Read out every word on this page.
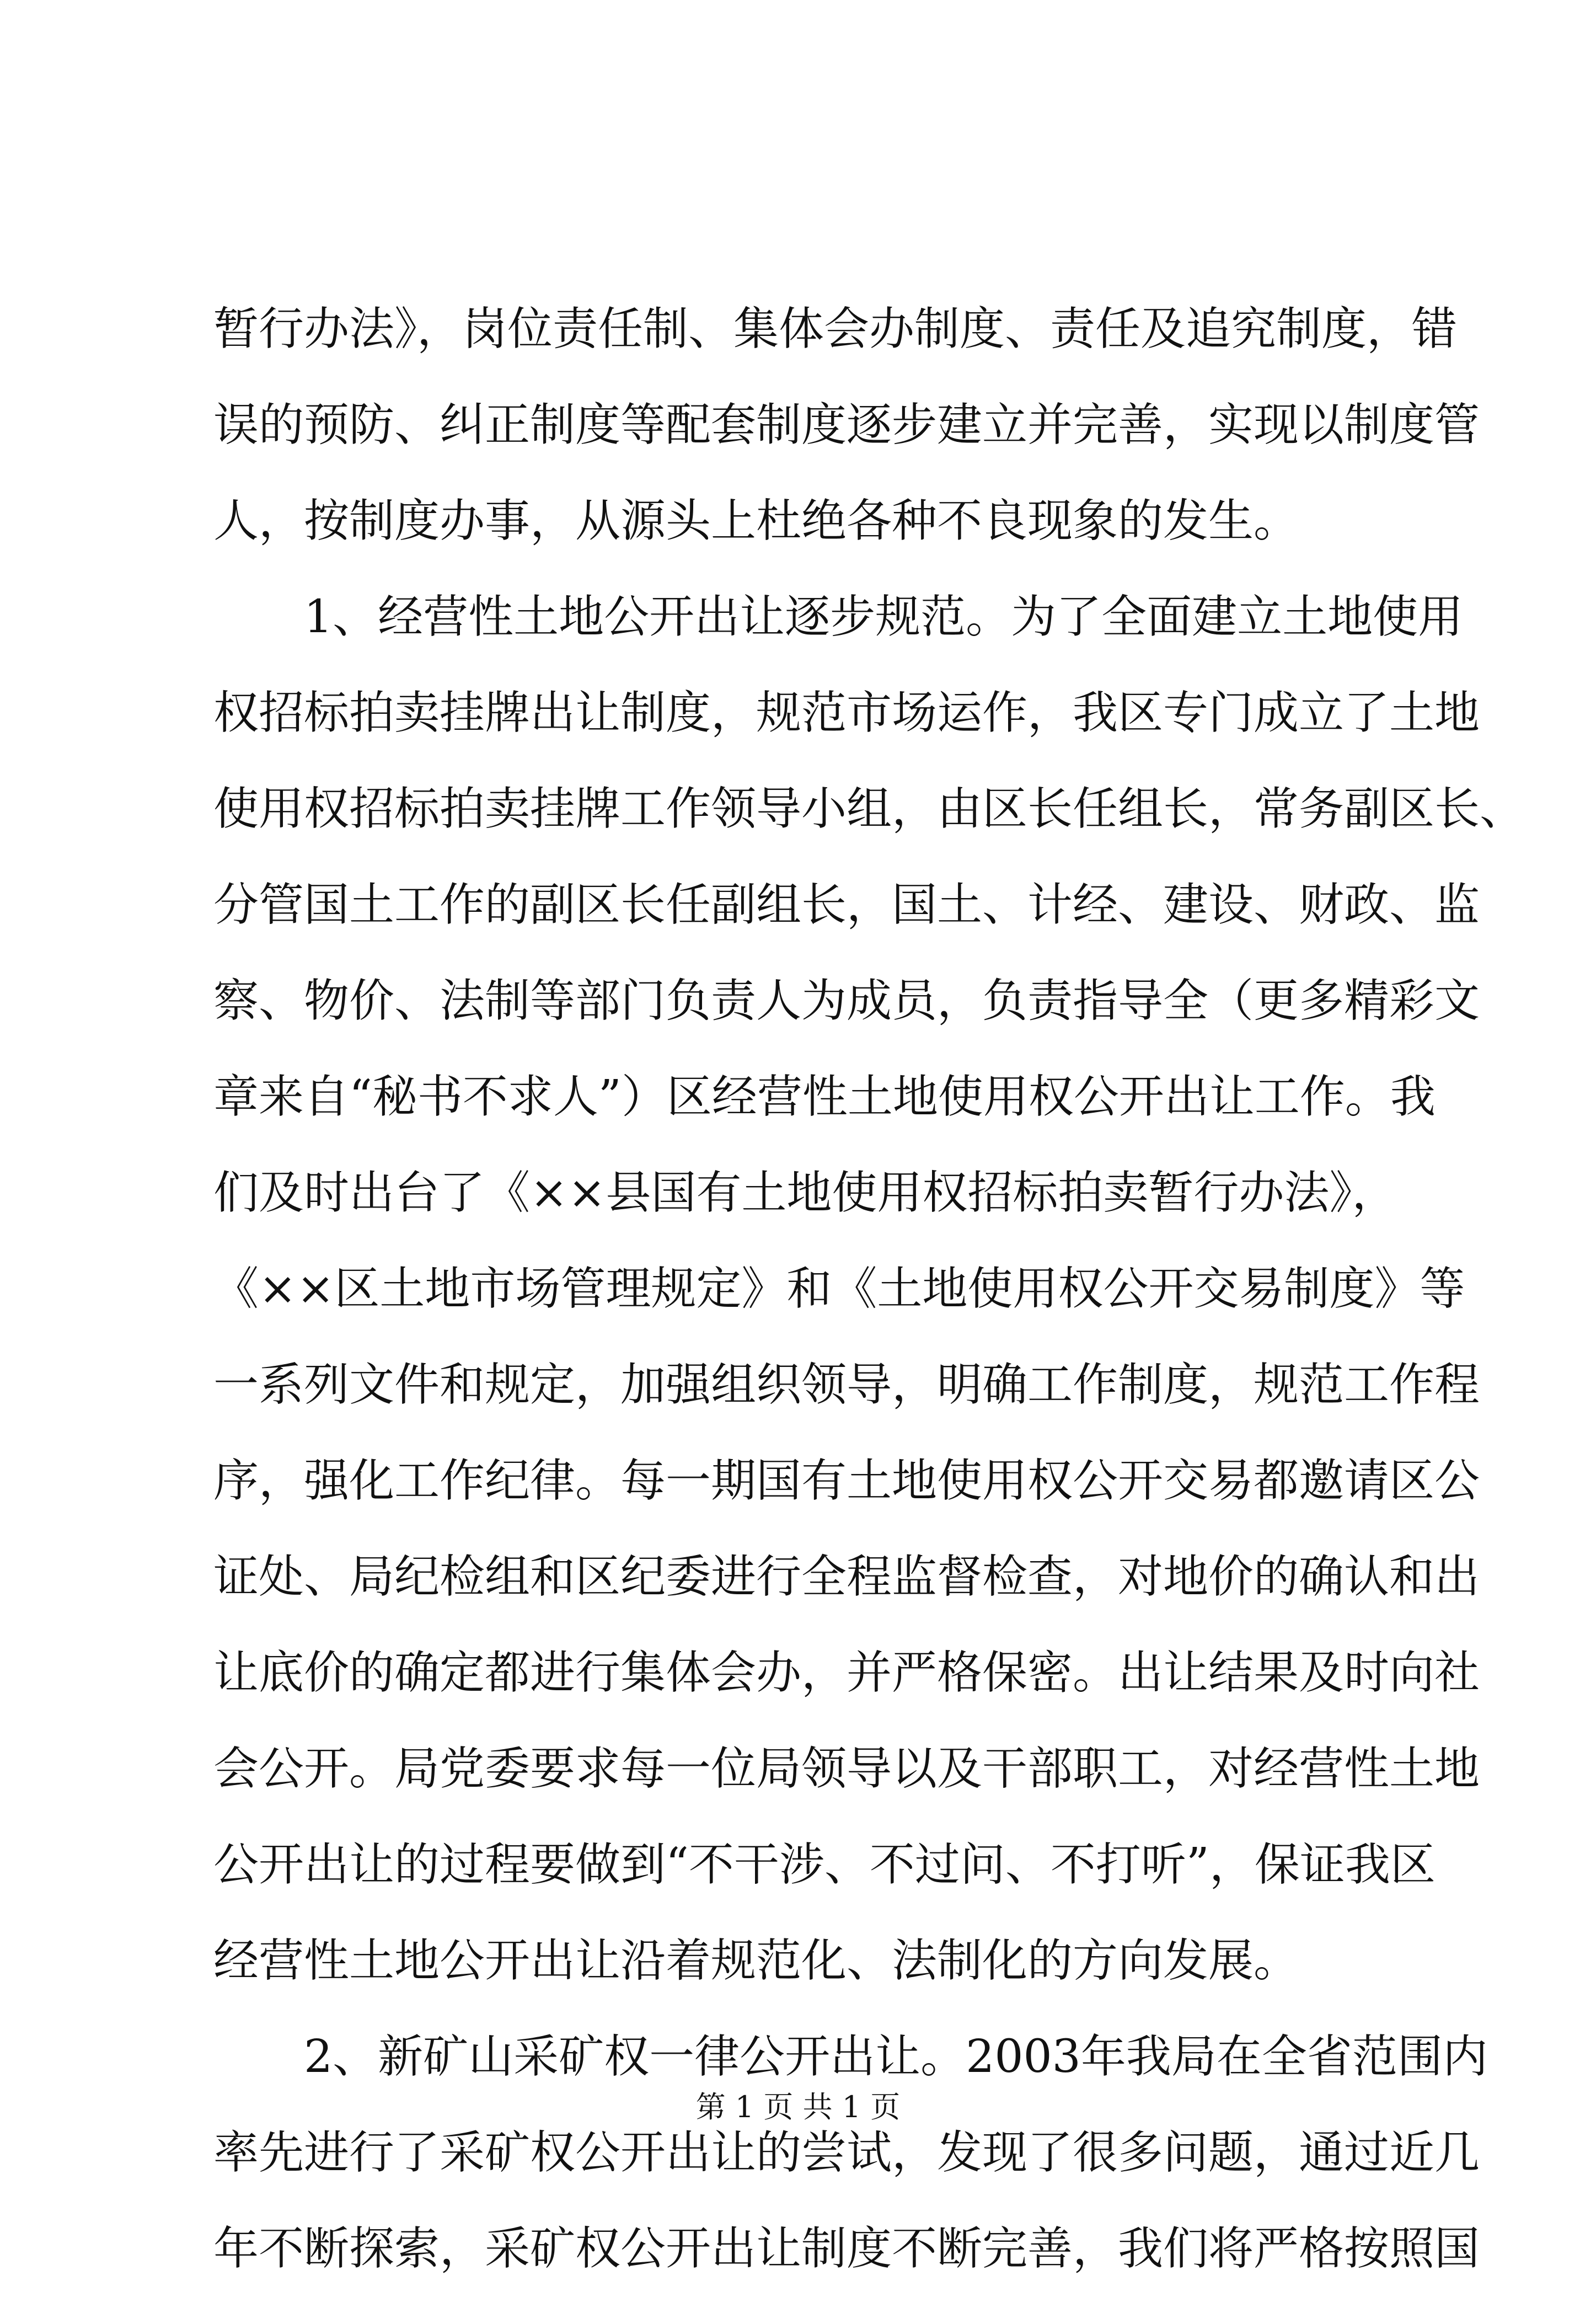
暂行办法》，岗位责任制、集体会办制度、责任及追究制度，错
误的预防、纠正制度等配套制度逐步建立并完善，实现以制度管
人，按制度办事，从源头上杜绝各种不良现象的发生。
　　1、经营性土地公开出让逐步规范。为了全面建立土地使用
权招标拍卖挂牌出让制度，规范市场运作，我区专门成立了土地
使用权招标拍卖挂牌工作领导小组，由区长任组长，常务副区长、
分管国土工作的副区长任副组长，国土、计经、建设、财政、监
察、物价、法制等部门负责人为成员，负责指导全（更多精彩文
章来自“秘书不求人”）区经营性土地使用权公开出让工作。我
们及时出台了《××县国有土地使用权招标拍卖暂行办法》，
《××区土地市场管理规定》和《土地使用权公开交易制度》等
一系列文件和规定，加强组织领导，明确工作制度，规范工作程
序，强化工作纪律。每一期国有土地使用权公开交易都邀请区公
证处、局纪检组和区纪委进行全程监督检查，对地价的确认和出
让底价的确定都进行集体会办，并严格保密。出让结果及时向社
会公开。局党委要求每一位局领导以及干部职工，对经营性土地
公开出让的过程要做到“不干涉、不过问、不打听”，保证我区
经营性土地公开出让沿着规范化、法制化的方向发展。
　　2、新矿山采矿权一律公开出让。2003年我局在全省范围内
率先进行了采矿权公开出让的尝试，发现了很多问题，通过近几
年不断探索，采矿权公开出让制度不断完善，我们将严格按照国
第 1 页 共 1 页
